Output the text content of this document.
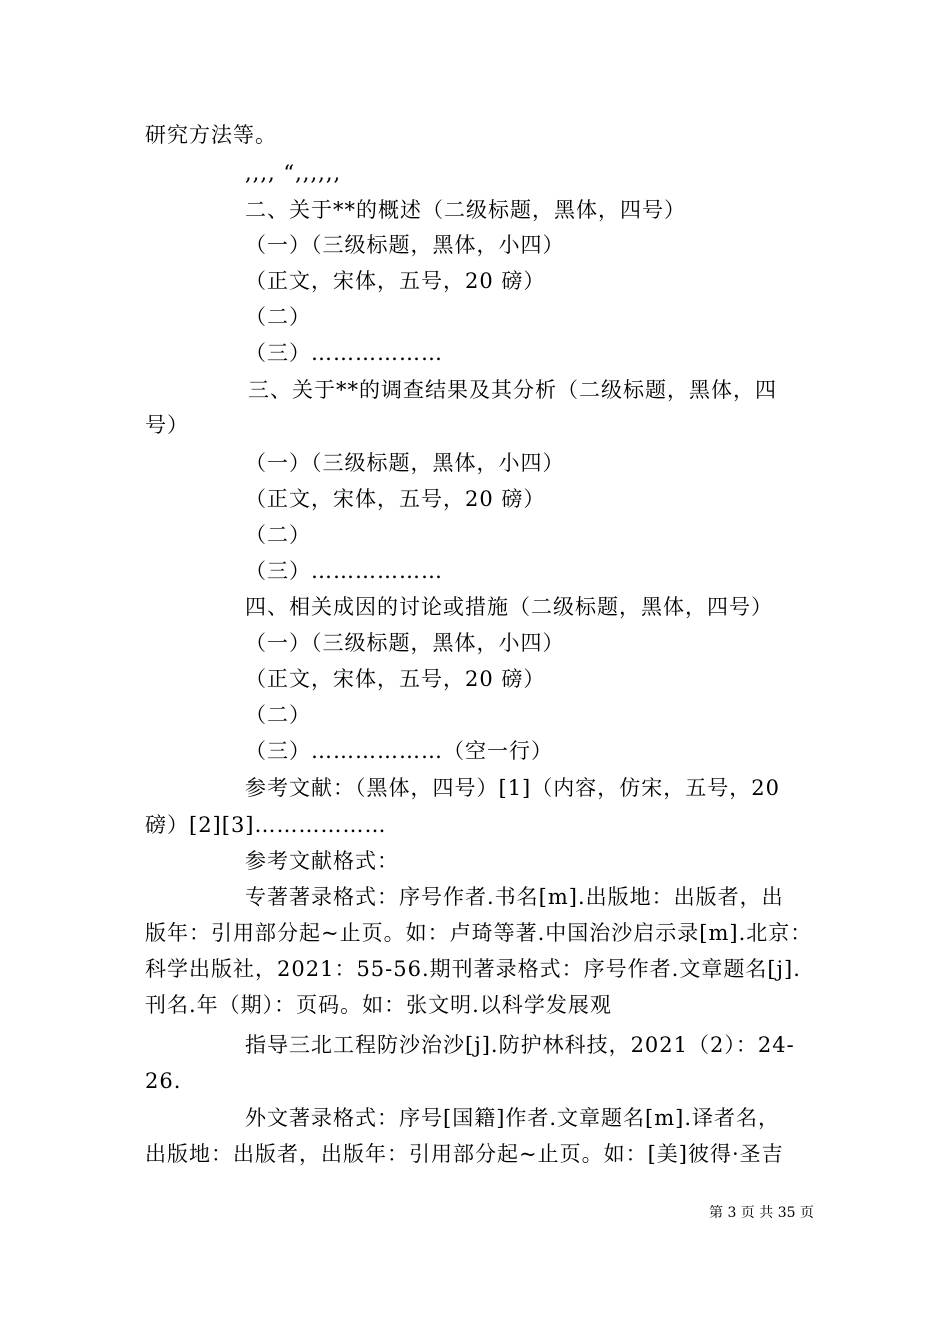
研究方法等。
,,,, “,,,,,,
二、关于**的概述（二级标题，黑体，四号）
（一）（三级标题，黑体，小四）
（正文，宋体，五号，20 磅）
（二）
（三）………………
三、关于**的调查结果及其分析（二级标题，黑体，四
号）
（一）（三级标题，黑体，小四）
（正文，宋体，五号，20 磅）
（二）
（三）………………
四、相关成因的讨论或措施（二级标题，黑体，四号）
（一）（三级标题，黑体，小四）
（正文，宋体，五号，20 磅）
（二）
（三）………………（空一行）
参考文献：（黑体，四号）[1]（内容，仿宋，五号，20
磅）[2][3]………………
参考文献格式：
专著著录格式：序号作者.书名[m].出版地：出版者，出
版年：引用部分起~止页。如：卢琦等著.中国治沙启示录[m].北京：
科学出版社，2021：55-56.期刊著录格式：序号作者.文章题名[j].
刊名.年（期）：页码。如：张文明.以科学发展观
指导三北工程防沙治沙[j].防护林科技，2021（2）：24-
26.
外文著录格式：序号[国籍]作者.文章题名[m].译者名，
出版地：出版者，出版年：引用部分起~止页。如：[美]彼得·圣吉
第 3 页 共 35 页
